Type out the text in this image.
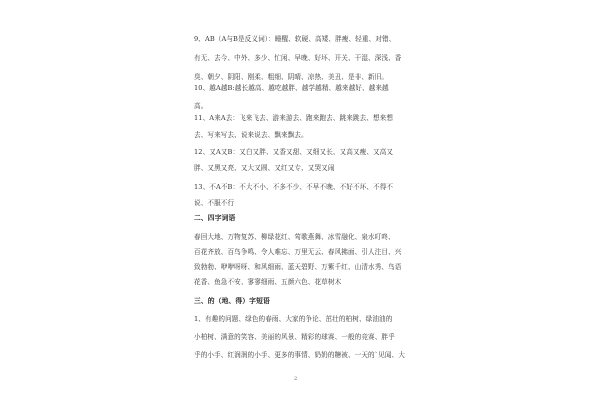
9、AB（A与B是反义词）：睡醒、软硬、高矮、胖瘦、轻重、对错、
有无、去今、中外、多少、忙闲、早晚、好坏、开关、干湿、深浅、香
臭、朝夕、阴阳、刚柔、粗细、阴晴、凉热、美丑、是非、新旧。
10、越A越B:越长越高、越吃越胖、越学越精、越来越好、越来越
高。
11、A来A去：飞来飞去、游来游去、跑来跑去、跳来跳去、想来想
去、写来写去、说来说去、飘来飘去。
12、又A又B：又白又胖、又香又甜、又细又长、又高又瘦、又高又
胖、又黑又亮、又大又圆、又红又专、又哭又闹
13、不A不B：不大不小、不多不少、不早不晚、不好不坏、不得不
说、不服不行
二、四字词语
春回大地、万物复苏、柳绿花红、莺歌燕舞、冰雪融化、泉水叮咚、
百花齐放、百鸟争鸣、令人难忘、万里无云、春风拂面、引人注目、兴
致勃勃、咿咿呀呀、和风细雨、蓝天碧野、万紫千红、山清水秀、鸟语
花香、鱼急不安、寥寥细雨、五颜六色、花草树木
三、的（地、得）字短语
1、有趣的问题、绿色的春雨、大家的争论、茁壮的柏树、绿油油的
小柏树、满意的笑容、美丽的风景、精彩的球赛、一般的竞赛、胖乎
乎的小手、红润润的小手、更多的事情、奶奶的糖被、一天的`见闻、大
2
